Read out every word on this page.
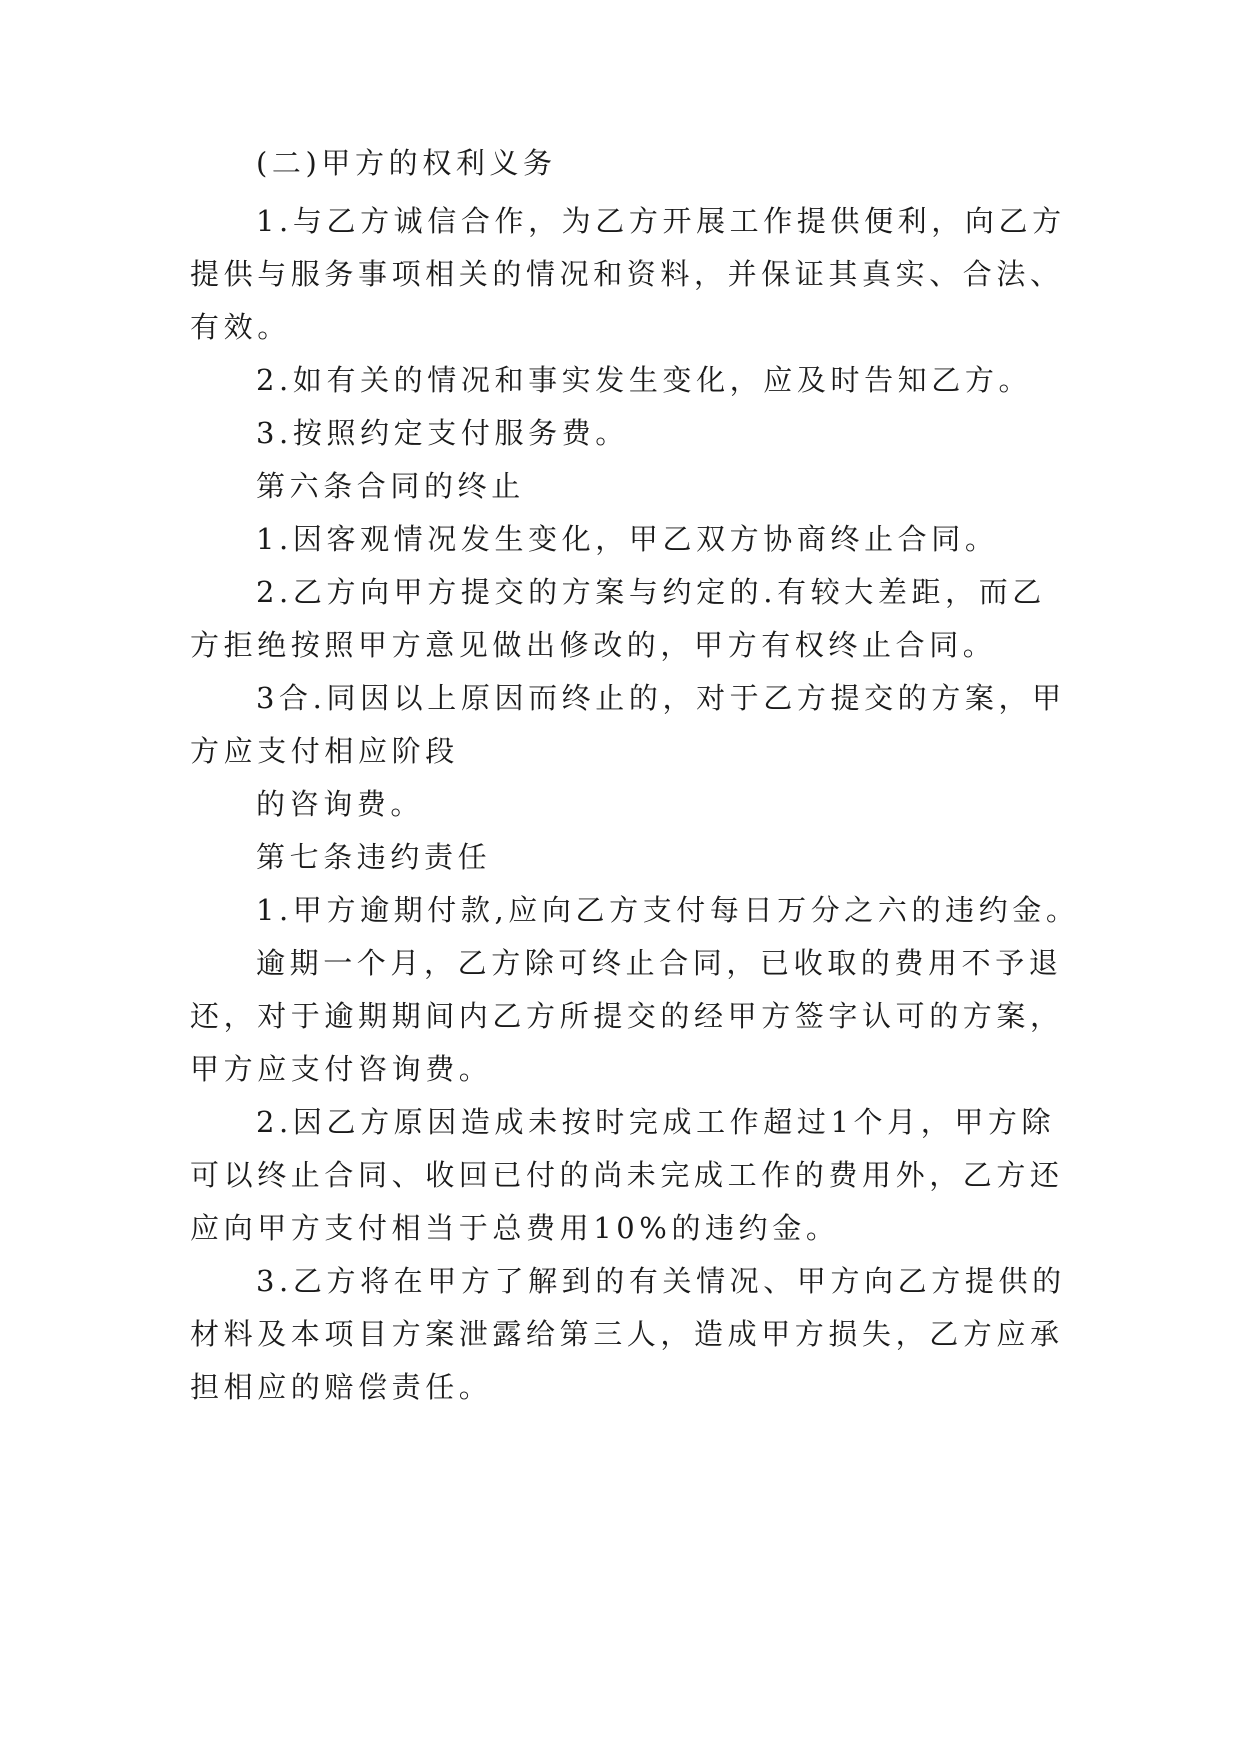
(二)甲方的权利义务

1.与乙方诚信合作，为乙方开展工作提供便利，向乙方

提供与服务事项相关的情况和资料，并保证其真实、合法、

有效。

2.如有关的情况和事实发生变化，应及时告知乙方。

3.按照约定支付服务费。

第六条合同的终止

1.因客观情况发生变化，甲乙双方协商终止合同。

2.乙方向甲方提交的方案与约定的.有较大差距，而乙

方拒绝按照甲方意见做出修改的，甲方有权终止合同。

3合.同因以上原因而终止的，对于乙方提交的方案，甲

方应支付相应阶段

的咨询费。

第七条违约责任

1.甲方逾期付款,应向乙方支付每日万分之六的违约金。

逾期一个月，乙方除可终止合同，已收取的费用不予退

还，对于逾期期间内乙方所提交的经甲方签字认可的方案，

甲方应支付咨询费。

2.因乙方原因造成未按时完成工作超过1个月，甲方除

可以终止合同、收回已付的尚未完成工作的费用外，乙方还

应向甲方支付相当于总费用10%的违约金。

3.乙方将在甲方了解到的有关情况、甲方向乙方提供的

材料及本项目方案泄露给第三人，造成甲方损失，乙方应承

担相应的赔偿责任。
